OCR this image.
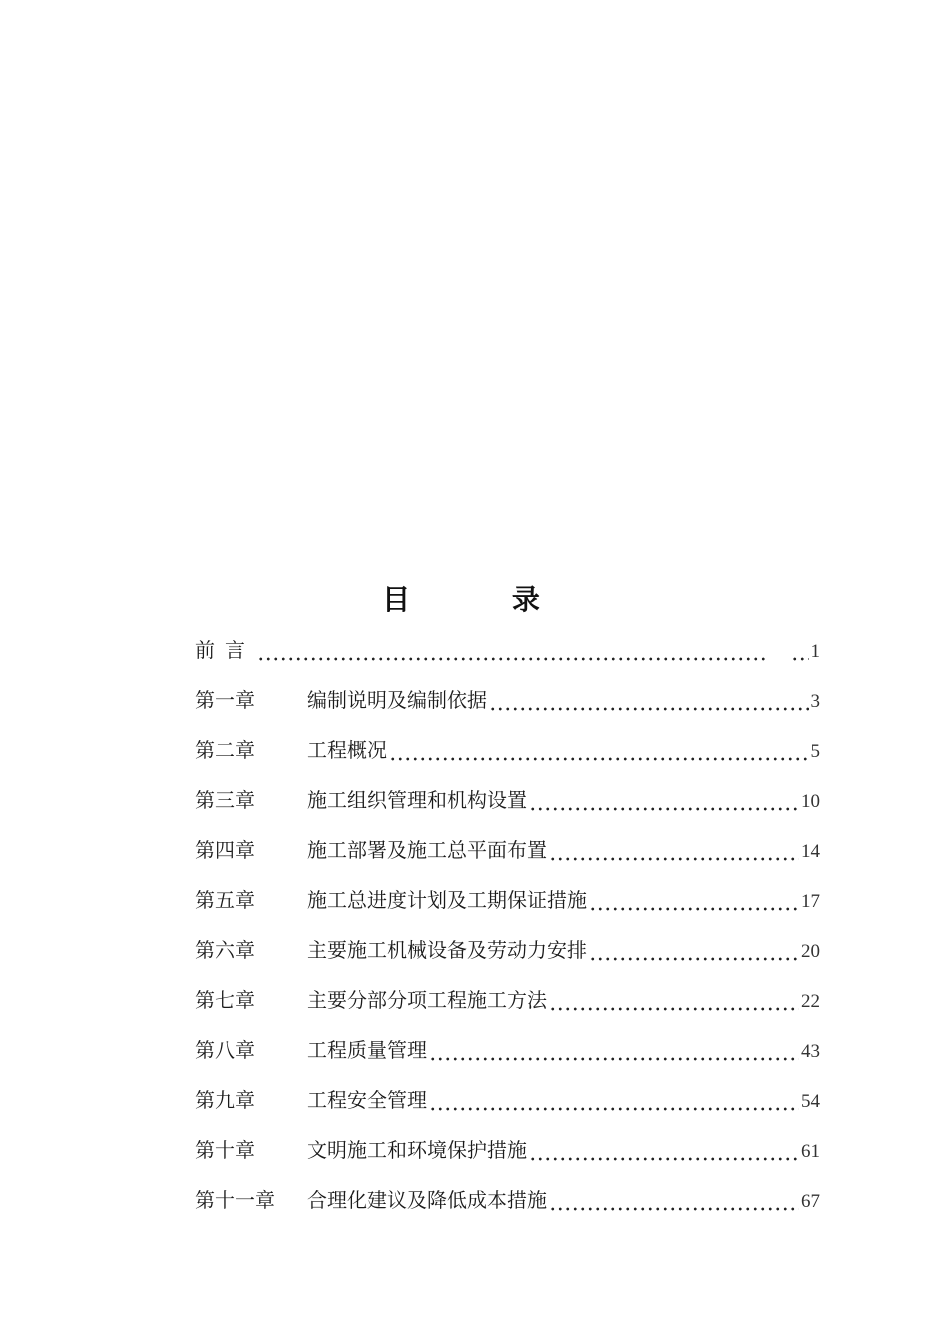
目 录
前言	1
第一章	编制说明及编制依据	3
第二章	工程概况	5
第三章	施工组织管理和机构设置	10
第四章	施工部署及施工总平面布置	14
第五章	施工总进度计划及工期保证措施	17
第六章	主要施工机械设备及劳动力安排	20
第七章	主要分部分项工程施工方法	22
第八章	工程质量管理	43
第九章	工程安全管理	54
第十章	文明施工和环境保护措施	61
第十一章	合理化建议及降低成本措施	67
